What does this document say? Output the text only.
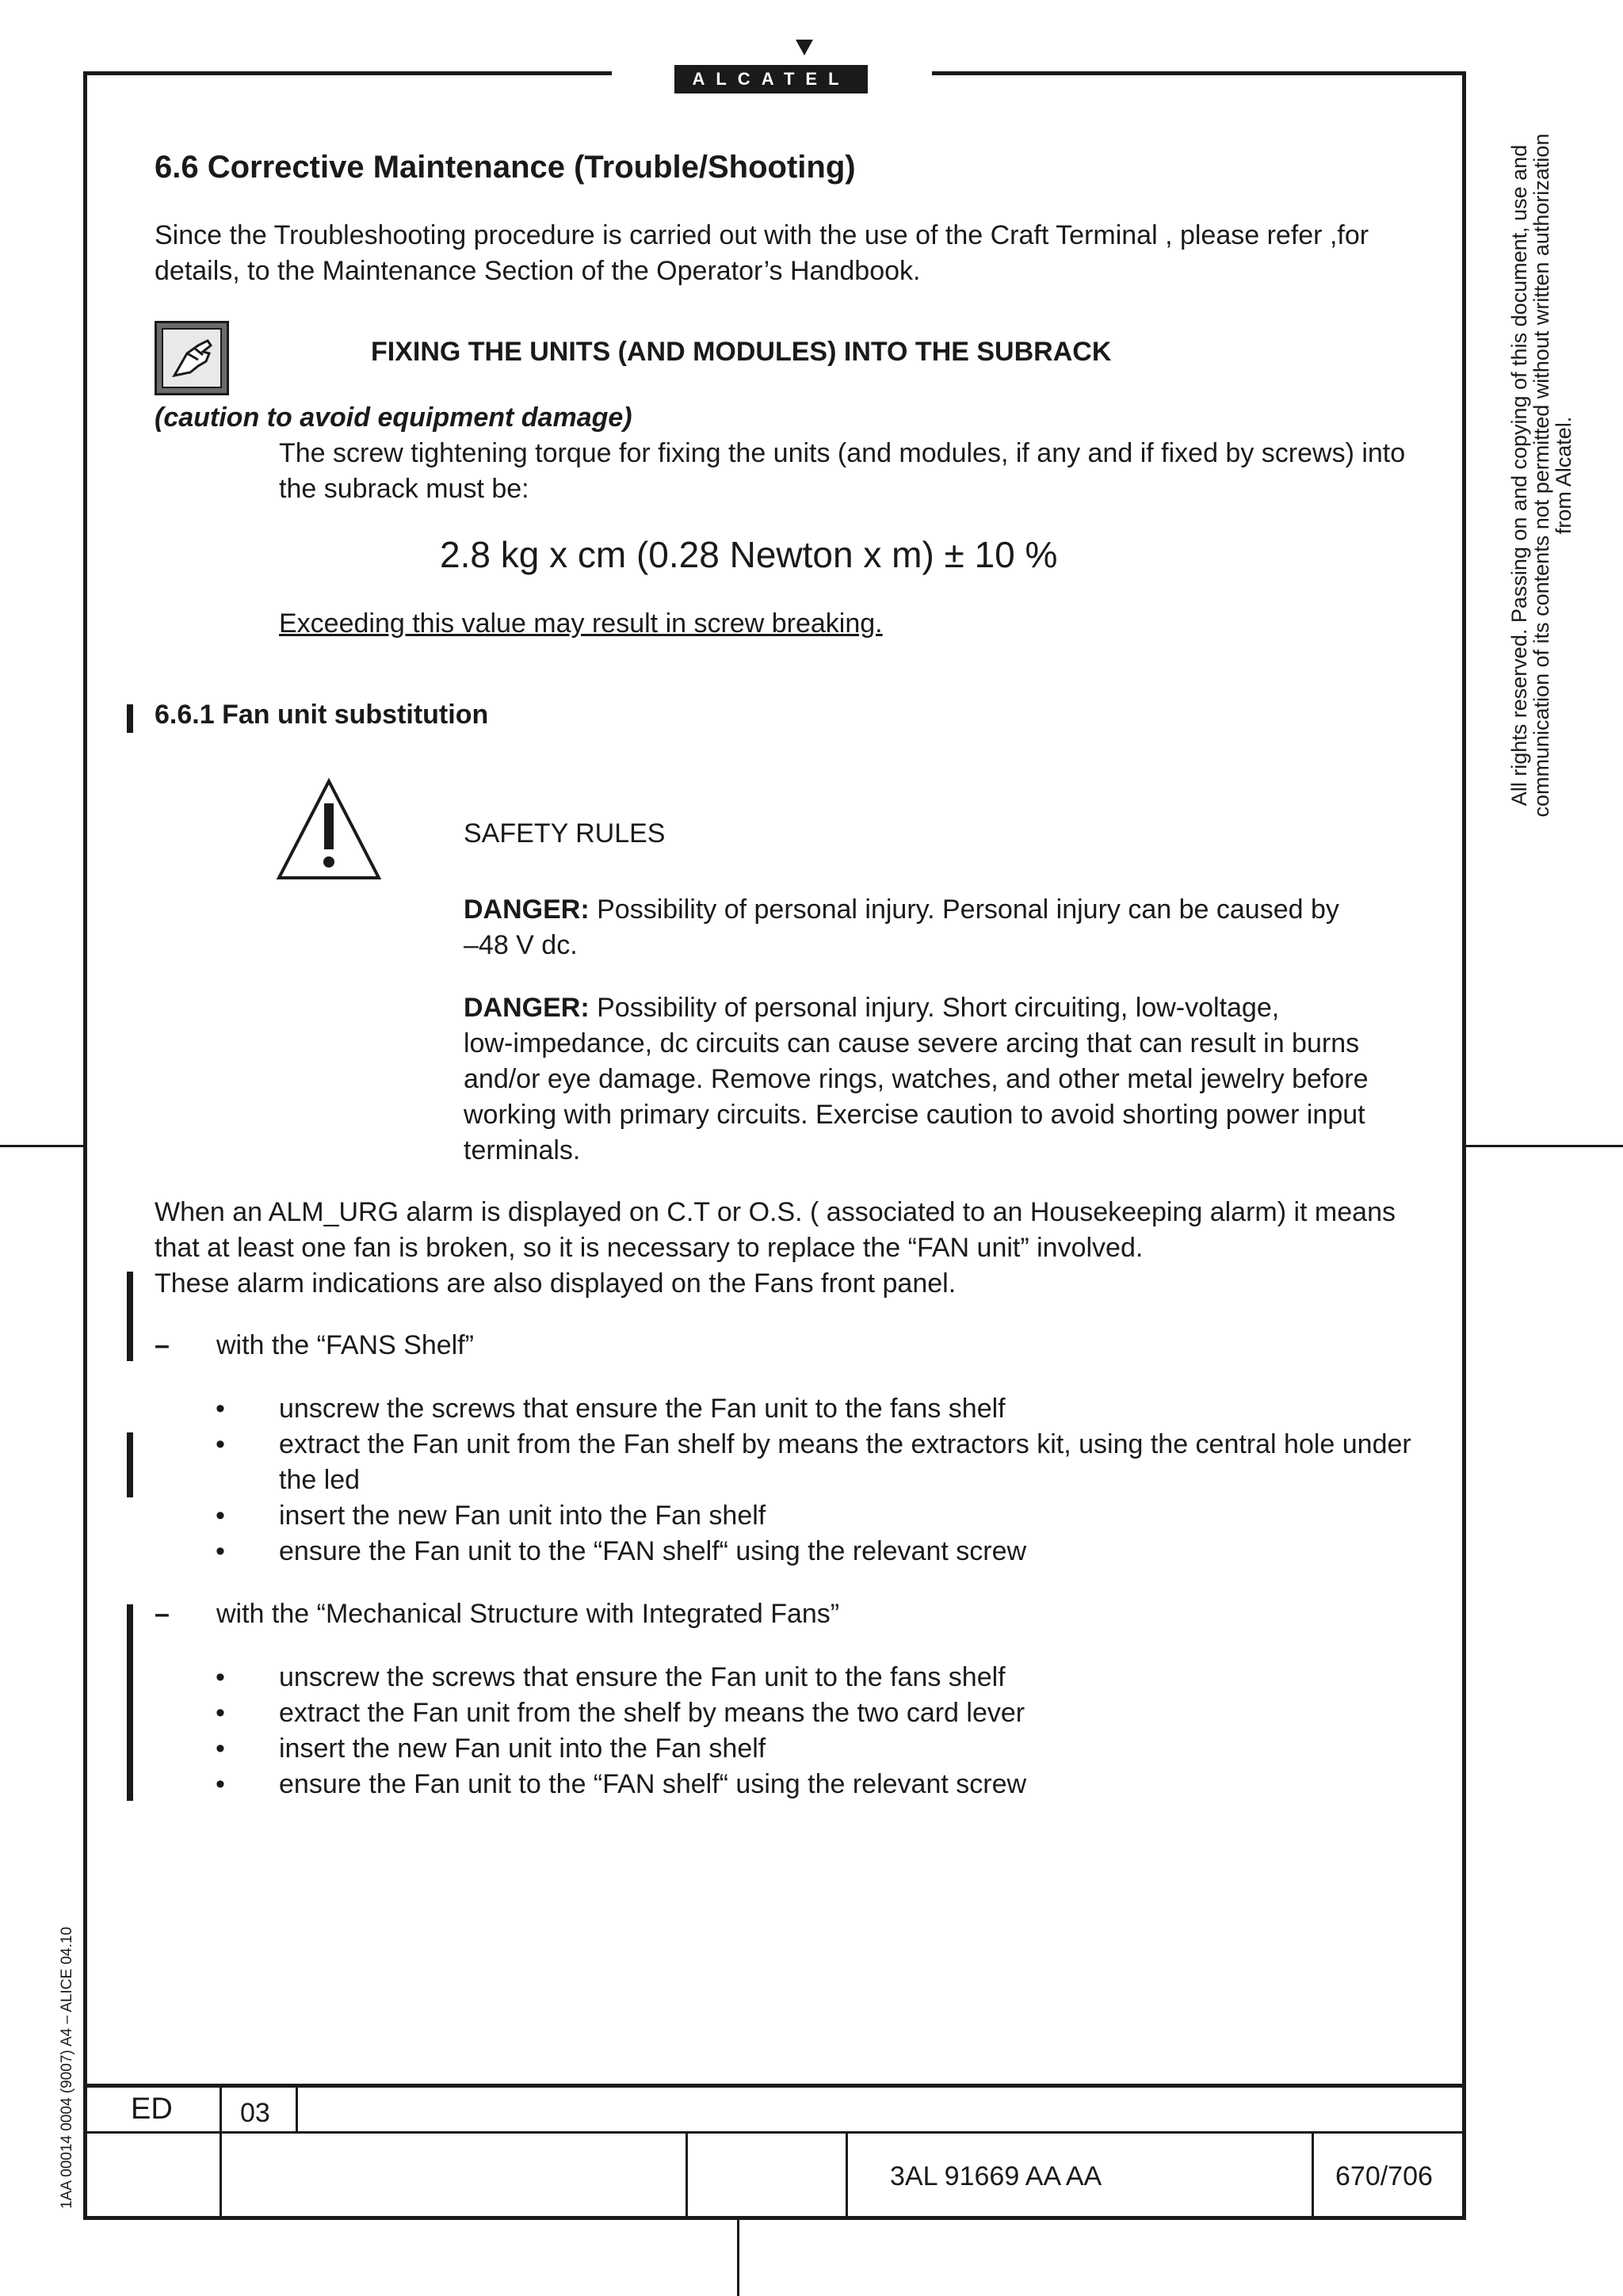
ALCATEL
All rights reserved. Passing on and copying of this document, use and communication of its contents not permitted without written authorization from Alcatel.
1AA 00014 0004 (9007) A4 – ALICE 04.10
6.6 Corrective Maintenance (Trouble/Shooting)
Since the Troubleshooting procedure is carried out with the use of the Craft Terminal , please refer ,for
details, to the Maintenance Section of the Operator’s Handbook.
FIXING THE UNITS (AND MODULES) INTO THE SUBRACK
(caution to avoid equipment damage)
The screw tightening torque for fixing the units (and modules, if any and if fixed by screws) into
the subrack must be:
2.8 kg x cm (0.28 Newton x m) ± 10 %
Exceeding this value may result in screw breaking.
6.6.1 Fan unit substitution
SAFETY RULES
DANGER: Possibility of personal injury. Personal injury can be caused by
–48 V dc.
DANGER: Possibility of personal injury. Short circuiting, low-voltage,
low-impedance, dc circuits can cause severe arcing that can result in burns
and/or eye damage. Remove rings, watches, and other metal jewelry before
working with primary circuits. Exercise caution to avoid shorting power input
terminals.
When an ALM_URG alarm is displayed on C.T or O.S. ( associated to an Housekeeping alarm) it means
that at least one fan is broken, so it is necessary to replace the “FAN unit” involved.
These alarm indications are also displayed on the Fans front panel.
– with the “FANS Shelf”
• unscrew the screws that ensure the Fan unit to the fans shelf
• extract the Fan unit from the Fan shelf by means the extractors kit, using the central hole under
the led
• insert the new Fan unit into the Fan shelf
• ensure the Fan unit to the “FAN shelf“ using the relevant screw
– with the “Mechanical Structure with Integrated Fans”
• unscrew the screws that ensure the Fan unit to the fans shelf
• extract the Fan unit from the shelf by means the two card lever
• insert the new Fan unit into the Fan shelf
• ensure the Fan unit to the “FAN shelf“ using the relevant screw
ED	03
3AL 91669 AA AA	670/706
